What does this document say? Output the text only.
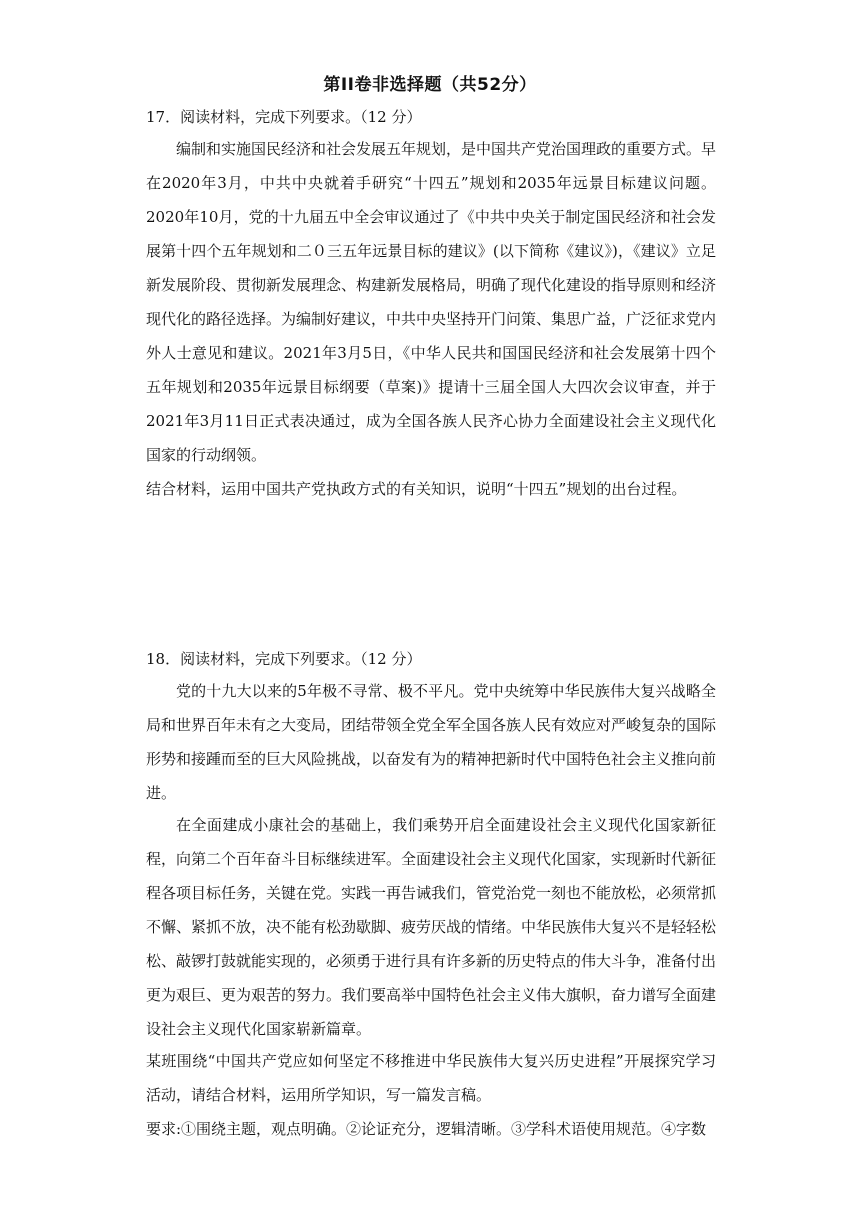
第II卷非选择题（共52分）

17．阅读材料，完成下列要求。（12 分）

编制和实施国民经济和社会发展五年规划，是中国共产党治国理政的重要方式。早在2020年3月，中共中央就着手研究“十四五”规划和2035年远景目标建议问题。2020年10月，党的十九届五中全会审议通过了《中共中央关于制定国民经济和社会发展第十四个五年规划和二０三五年远景目标的建议》(以下简称《建议》)，《建议》立足新发展阶段、贯彻新发展理念、构建新发展格局，明确了现代化建设的指导原则和经济现代化的路径选择。为编制好建议，中共中央坚持开门问策、集思广益，广泛征求党内外人士意见和建议。2021年3月5日，《中华人民共和国国民经济和社会发展第十四个五年规划和2035年远景目标纲要（草案)》提请十三届全国人大四次会议审查，并于2021年3月11日正式表决通过，成为全国各族人民齐心协力全面建设社会主义现代化国家的行动纲领。

结合材料，运用中国共产党执政方式的有关知识，说明“十四五”规划的出台过程。

18．阅读材料，完成下列要求。（12 分）

党的十九大以来的5年极不寻常、极不平凡。党中央统筹中华民族伟大复兴战略全局和世界百年未有之大变局，团结带领全党全军全国各族人民有效应对严峻复杂的国际形势和接踵而至的巨大风险挑战，以奋发有为的精神把新时代中国特色社会主义推向前进。

在全面建成小康社会的基础上，我们乘势开启全面建设社会主义现代化国家新征程，向第二个百年奋斗目标继续进军。全面建设社会主义现代化国家，实现新时代新征程各项目标任务，关键在党。实践一再告诫我们，管党治党一刻也不能放松，必须常抓不懈、紧抓不放，决不能有松劲歇脚、疲劳厌战的情绪。中华民族伟大复兴不是轻轻松松、敲锣打鼓就能实现的，必须勇于进行具有许多新的历史特点的伟大斗争，准备付出更为艰巨、更为艰苦的努力。我们要高举中国特色社会主义伟大旗帜，奋力谱写全面建设社会主义现代化国家崭新篇章。

某班围绕“中国共产党应如何坚定不移推进中华民族伟大复兴历史进程”开展探究学习活动，请结合材料，运用所学知识，写一篇发言稿。

要求:①围绕主题，观点明确。②论证充分，逻辑清晰。③学科术语使用规范。④字数
